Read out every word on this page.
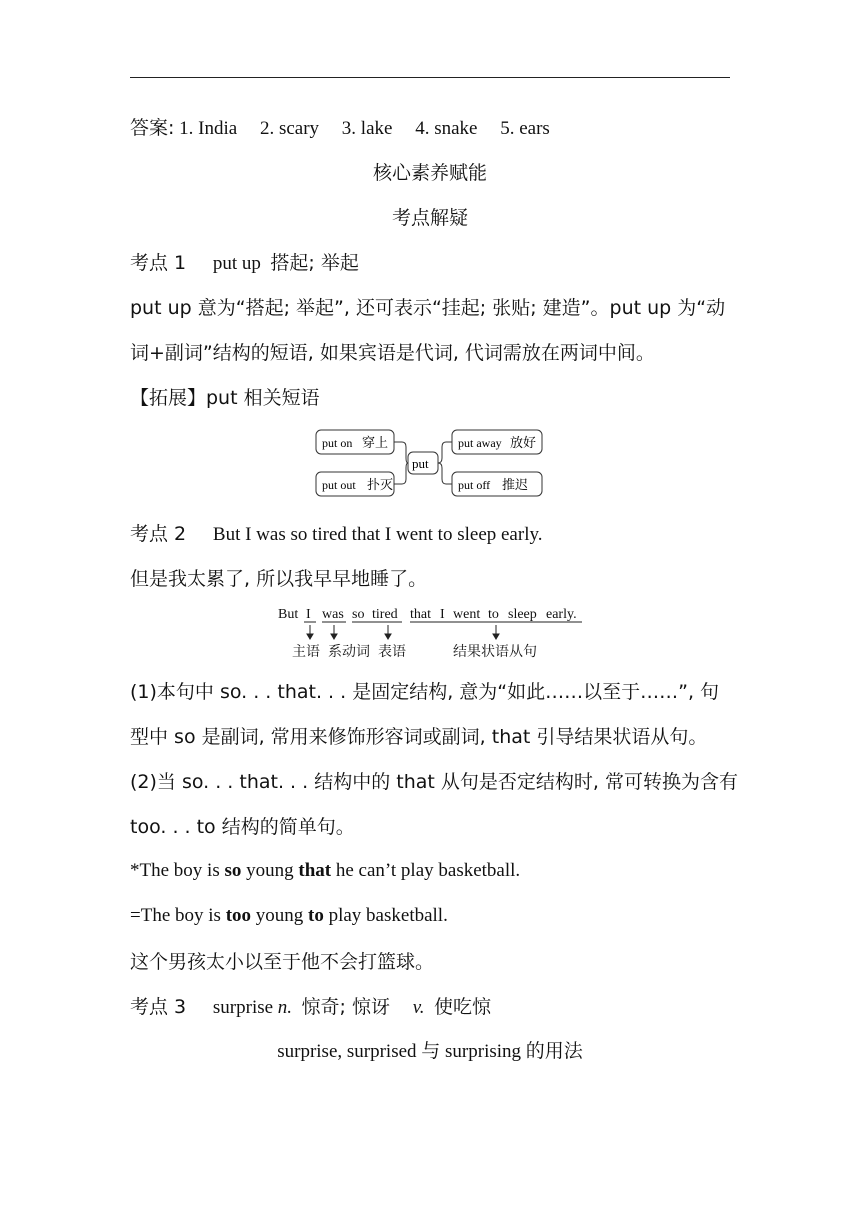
答案: 1. India 2. scary 3. lake 4. snake 5. ears
核心素养赋能
考点解疑
考点 1 put up 搭起; 举起
put up 意为“搭起; 举起”, 还可表示“挂起; 张贴; 建造”。put up 为“动
词+副词”结构的短语, 如果宾语是代词, 代词需放在两词中间。
【拓展】put 相关短语
put on 穿上
put out 扑灭
put
put away 放好
put off 推迟
考点 2 But I was so tired that I went to sleep early.
但是我太累了, 所以我早早地睡了。
But I was so tired that I went to sleep early.
主语 系动词 表语	结果状语从句
(1)本句中 so. . . that. . . 是固定结构, 意为“如此……以至于……”, 句
型中 so 是副词, 常用来修饰形容词或副词, that 引导结果状语从句。
(2)当 so. . . that. . . 结构中的 that 从句是否定结构时, 常可转换为含有
too. . . to 结构的简单句。
*The boy is so young that he can’t play basketball.
=The boy is too young to play basketball.
这个男孩太小以至于他不会打篮球。
考点 3 surprise n. 惊奇; 惊讶 v. 使吃惊
surprise, surprised 与 surprising 的用法
